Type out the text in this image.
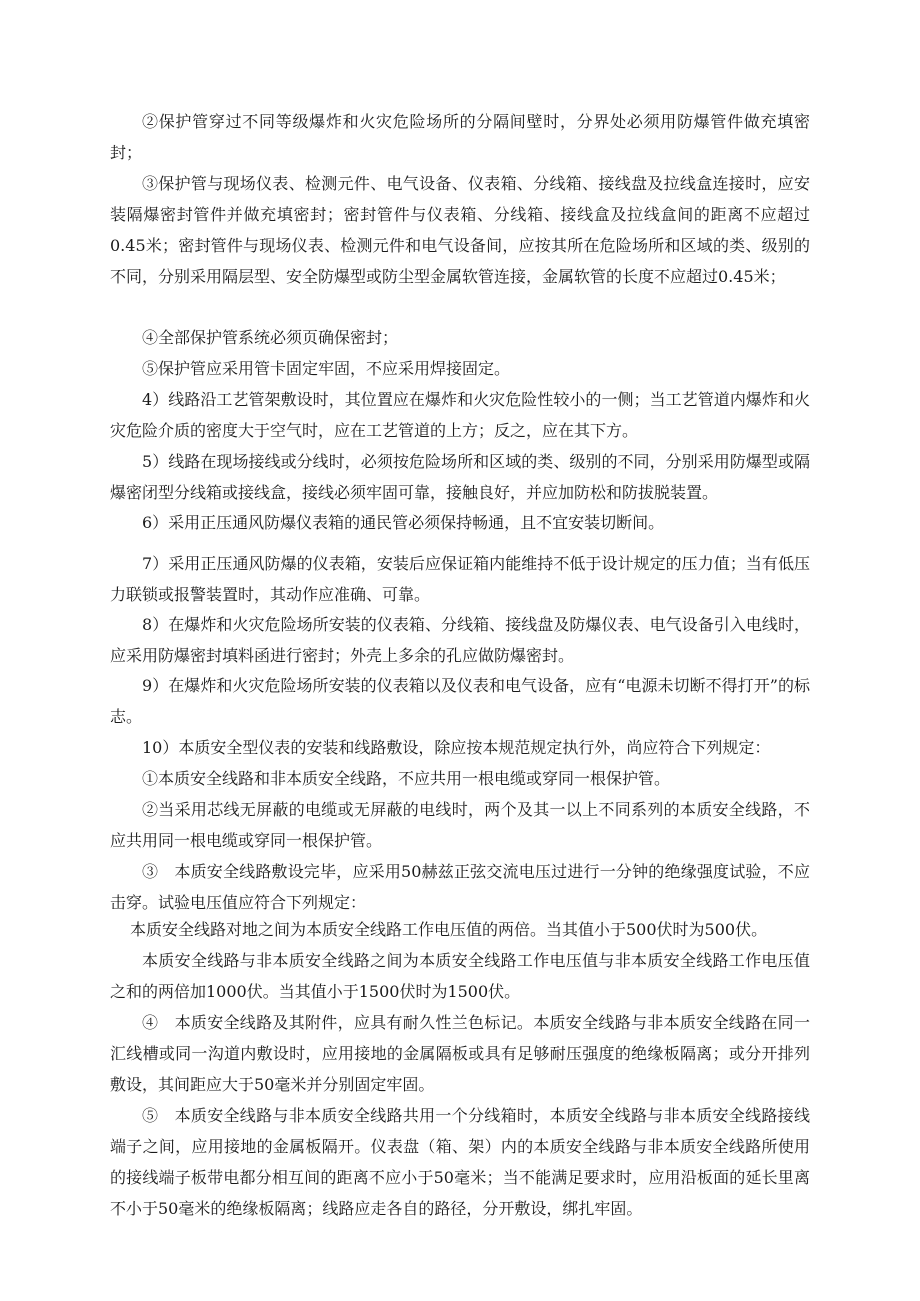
②保护管穿过不同等级爆炸和火灾危险场所的分隔间壁时，分界处必须用防爆管件做充填密封；

③保护管与现场仪表、检测元件、电气设备、仪表箱、分线箱、接线盘及拉线盒连接时，应安装隔爆密封管件并做充填密封；密封管件与仪表箱、分线箱、接线盒及拉线盒间的距离不应超过0.45米；密封管件与现场仪表、检测元件和电气设备间，应按其所在危险场所和区域的类、级别的不同，分别采用隔层型、安全防爆型或防尘型金属软管连接，金属软管的长度不应超过0.45米；

④全部保护管系统必须页确保密封；

⑤保护管应采用管卡固定牢固，不应采用焊接固定。

4）线路沿工艺管架敷设时，其位置应在爆炸和火灾危险性较小的一侧；当工艺管道内爆炸和火灾危险介质的密度大于空气时，应在工艺管道的上方；反之，应在其下方。

5）线路在现场接线或分线时，必须按危险场所和区域的类、级别的不同，分别采用防爆型或隔爆密闭型分线箱或接线盒，接线必须牢固可靠，接触良好，并应加防松和防拔脱装置。

6）采用正压通风防爆仪表箱的通民管必须保持畅通，且不宜安装切断间。

7）采用正压通风防爆的仪表箱，安装后应保证箱内能维持不低于设计规定的压力值；当有低压力联锁或报警装置时，其动作应准确、可靠。

8）在爆炸和火灾危险场所安装的仪表箱、分线箱、接线盘及防爆仪表、电气设备引入电线时，应采用防爆密封填料函进行密封；外壳上多余的孔应做防爆密封。

9）在爆炸和火灾危险场所安装的仪表箱以及仪表和电气设备，应有“电源未切断不得打开”的标志。

10）本质安全型仪表的安装和线路敷设，除应按本规范规定执行外，尚应符合下列规定：

①本质安全线路和非本质安全线路，不应共用一根电缆或穿同一根保护管。

②当采用芯线无屏蔽的电缆或无屏蔽的电线时，两个及其一以上不同系列的本质安全线路，不应共用同一根电缆或穿同一根保护管。

③　本质安全线路敷设完毕，应采用50赫兹正弦交流电压过进行一分钟的绝缘强度试验，不应击穿。试验电压值应符合下列规定：

本质安全线路对地之间为本质安全线路工作电压值的两倍。当其值小于500伏时为500伏。

本质安全线路与非本质安全线路之间为本质安全线路工作电压值与非本质安全线路工作电压值之和的两倍加1000伏。当其值小于1500伏时为1500伏。

④　本质安全线路及其附件，应具有耐久性兰色标记。本质安全线路与非本质安全线路在同一汇线槽或同一沟道内敷设时，应用接地的金属隔板或具有足够耐压强度的绝缘板隔离；或分开排列敷设，其间距应大于50毫米并分别固定牢固。

⑤　本质安全线路与非本质安全线路共用一个分线箱时，本质安全线路与非本质安全线路接线端子之间，应用接地的金属板隔开。仪表盘（箱、架）内的本质安全线路与非本质安全线路所使用的接线端子板带电都分相互间的距离不应小于50毫米；当不能满足要求时，应用沿板面的延长里离不小于50毫米的绝缘板隔离；线路应走各自的路径，分开敷设，绑扎牢固。
